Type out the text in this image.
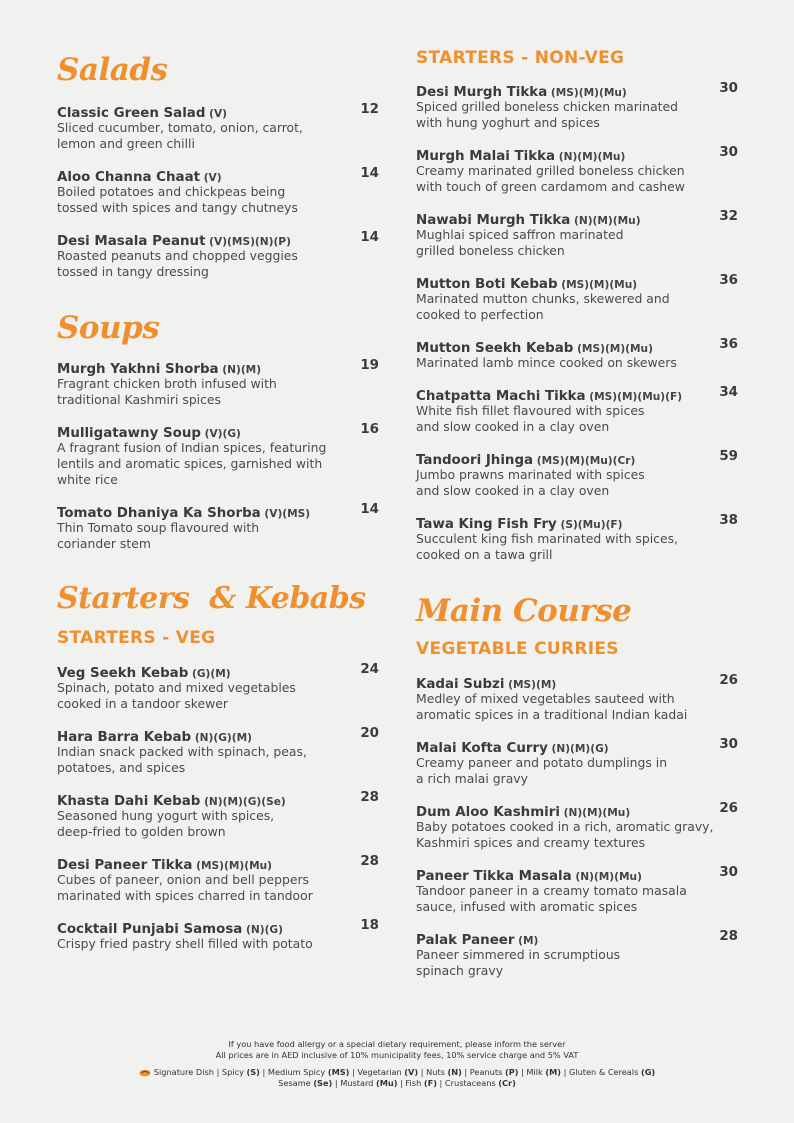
Salads
Classic Green Salad (V)	12
Sliced cucumber, tomato, onion, carrot,
lemon and green chilli
Aloo Channa Chaat (V)	14
Boiled potatoes and chickpeas being
tossed with spices and tangy chutneys
Desi Masala Peanut (V)(MS)(N)(P)	14
Roasted peanuts and chopped veggies
tossed in tangy dressing
Soups
Murgh Yakhni Shorba (N)(M)	19
Fragrant chicken broth infused with
traditional Kashmiri spices
Mulligatawny Soup (V)(G)	16
A fragrant fusion of Indian spices, featuring
lentils and aromatic spices, garnished with
white rice
Tomato Dhaniya Ka Shorba (V)(MS)	14
Thin Tomato soup flavoured with
coriander stem
Starters  & Kebabs
STARTERS - VEG
Veg Seekh Kebab (G)(M)	24
Spinach, potato and mixed vegetables
cooked in a tandoor skewer
Hara Barra Kebab (N)(G)(M)	20
Indian snack packed with spinach, peas,
potatoes, and spices
Khasta Dahi Kebab (N)(M)(G)(Se)	28
Seasoned hung yogurt with spices,
deep-fried to golden brown
Desi Paneer Tikka (MS)(M)(Mu)	28
Cubes of paneer, onion and bell peppers
marinated with spices charred in tandoor
Cocktail Punjabi Samosa (N)(G)	18
Crispy fried pastry shell filled with potato
STARTERS - NON-VEG
Desi Murgh Tikka (MS)(M)(Mu)	30
Spiced grilled boneless chicken marinated
with hung yoghurt and spices
Murgh Malai Tikka (N)(M)(Mu)	30
Creamy marinated grilled boneless chicken
with touch of green cardamom and cashew
Nawabi Murgh Tikka (N)(M)(Mu)	32
Mughlai spiced saffron marinated
grilled boneless chicken
Mutton Boti Kebab (MS)(M)(Mu)	36
Marinated mutton chunks, skewered and
cooked to perfection
Mutton Seekh Kebab (MS)(M)(Mu)	36
Marinated lamb mince cooked on skewers
Chatpatta Machi Tikka (MS)(M)(Mu)(F)	34
White fish fillet flavoured with spices
and slow cooked in a clay oven
Tandoori Jhinga (MS)(M)(Mu)(Cr)	59
Jumbo prawns marinated with spices
and slow cooked in a clay oven
Tawa King Fish Fry (S)(Mu)(F)	38
Succulent king fish marinated with spices,
cooked on a tawa grill
Main Course
VEGETABLE CURRIES
Kadai Subzi (MS)(M)	26
Medley of mixed vegetables sauteed with
aromatic spices in a traditional Indian kadai
Malai Kofta Curry (N)(M)(G)	30
Creamy paneer and potato dumplings in
a rich malai gravy
Dum Aloo Kashmiri (N)(M)(Mu)	26
Baby potatoes cooked in a rich, aromatic gravy,
Kashmiri spices and creamy textures
Paneer Tikka Masala (N)(M)(Mu)	30
Tandoor paneer in a creamy tomato masala
sauce, infused with aromatic spices
Palak Paneer (M)	28
Paneer simmered in scrumptious
spinach gravy
If you have food allergy or a special dietary requirement, please inform the server
All prices are in AED inclusive of 10% municipality fees, 10% service charge and 5% VAT
Signature Dish | Spicy (S) | Medium Spicy (MS) | Vegetarian (V) | Nuts (N) | Peanuts (P) | Milk (M) | Gluten & Cereals (G)
Sesame (Se) | Mustard (Mu) | Fish (F) | Crustaceans (Cr)
